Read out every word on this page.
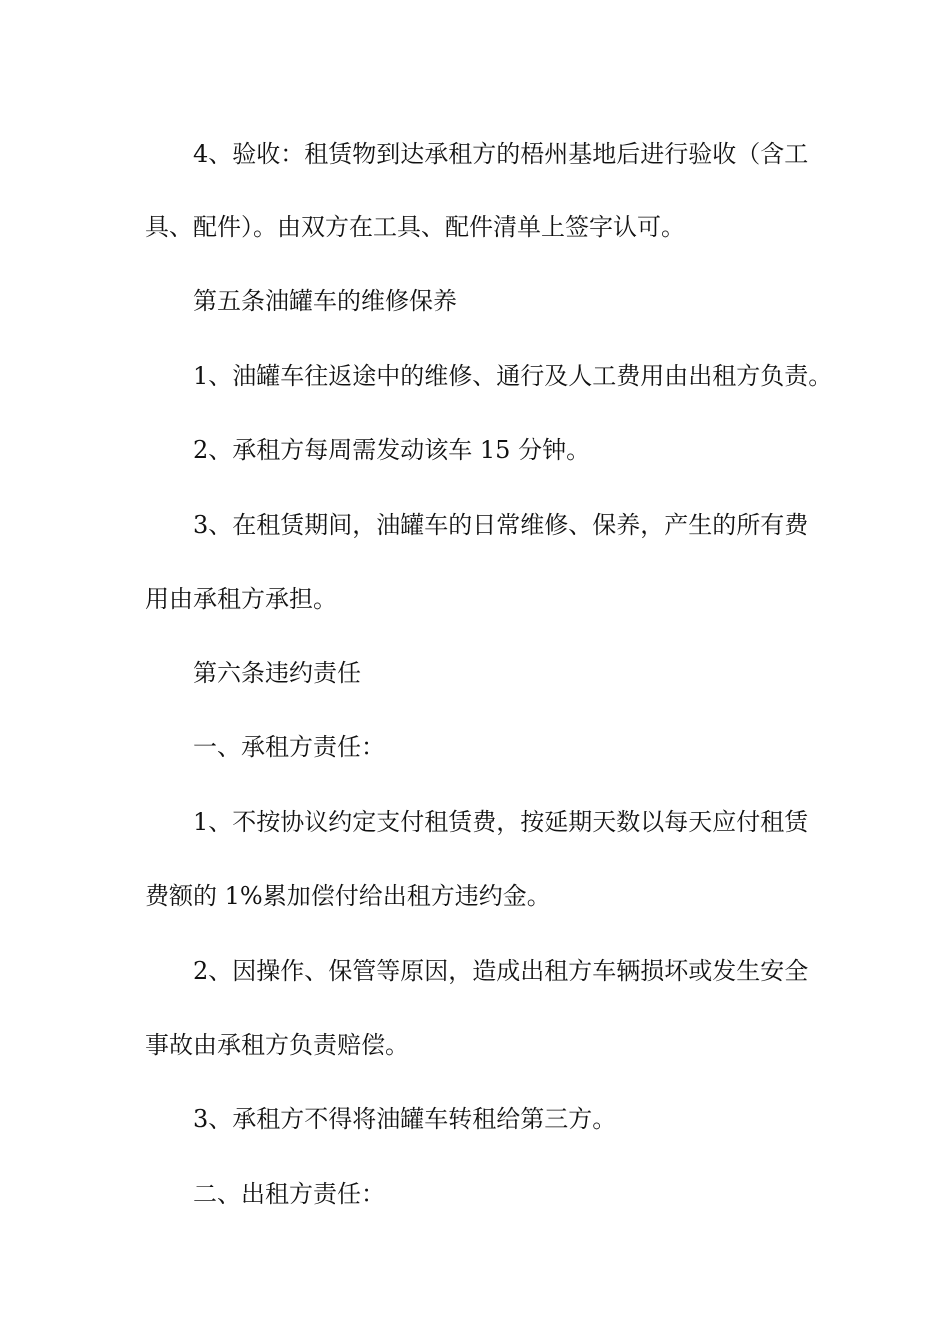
4、验收：租赁物到达承租方的梧州基地后进行验收（含工
具、配件）。由双方在工具、配件清单上签字认可。
第五条油罐车的维修保养
1、油罐车往返途中的维修、通行及人工费用由出租方负责。
2、承租方每周需发动该车 15 分钟。
3、在租赁期间，油罐车的日常维修、保养，产生的所有费
用由承租方承担。
第六条违约责任
一、承租方责任：
1、不按协议约定支付租赁费，按延期天数以每天应付租赁
费额的 1%累加偿付给出租方违约金。
2、因操作、保管等原因，造成出租方车辆损坏或发生安全
事故由承租方负责赔偿。
3、承租方不得将油罐车转租给第三方。
二、出租方责任：
